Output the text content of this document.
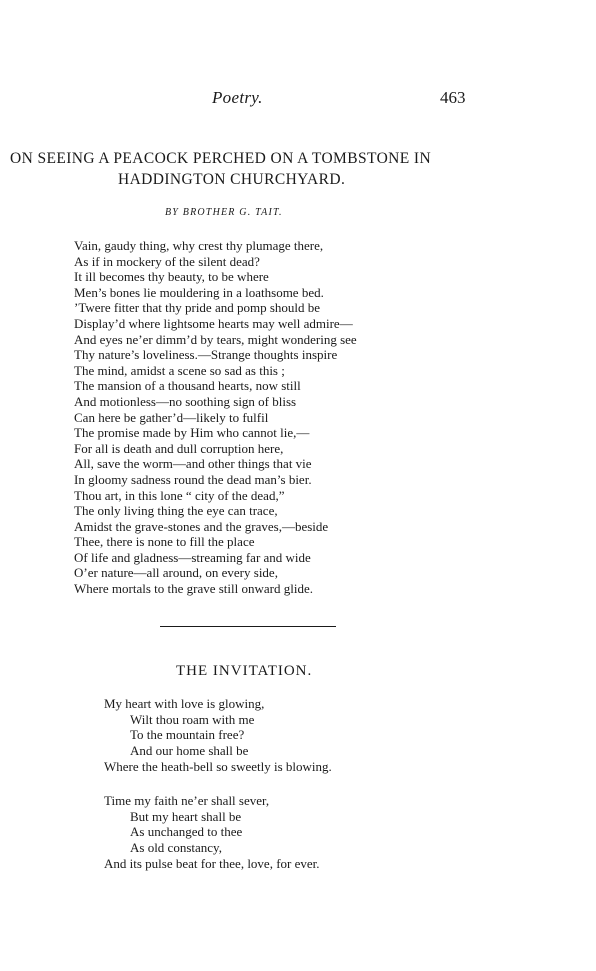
Poetry.	463
ON SEEING A PEACOCK PERCHED ON A TOMBSTONE IN
HADDINGTON CHURCHYARD.
BY BROTHER G. TAIT.
Vain, gaudy thing, why crest thy plumage there,
As if in mockery of the silent dead?
It ill becomes thy beauty, to be where
Men’s bones lie mouldering in a loathsome bed.
’Twere fitter that thy pride and pomp should be
Display’d where lightsome hearts may well admire—
And eyes ne’er dimm’d by tears, might wondering see
Thy nature’s loveliness.—Strange thoughts inspire
The mind, amidst a scene so sad as this ;
The mansion of a thousand hearts, now still
And motionless—no soothing sign of bliss
Can here be gather’d—likely to fulfil
The promise made by Him who cannot lie,—
For all is death and dull corruption here,
All, save the worm—and other things that vie
In gloomy sadness round the dead man’s bier.
Thou art, in this lone “ city of the dead,”
The only living thing the eye can trace,
Amidst the grave-stones and the graves,—beside
Thee, there is none to fill the place
Of life and gladness—streaming far and wide
O’er nature—all around, on every side,
Where mortals to the grave still onward glide.
THE INVITATION.
My heart with love is glowing,
Wilt thou roam with me
To the mountain free?
And our home shall be
Where the heath-bell so sweetly is blowing.
Time my faith ne’er shall sever,
But my heart shall be
As unchanged to thee
As old constancy,
And its pulse beat for thee, love, for ever.
